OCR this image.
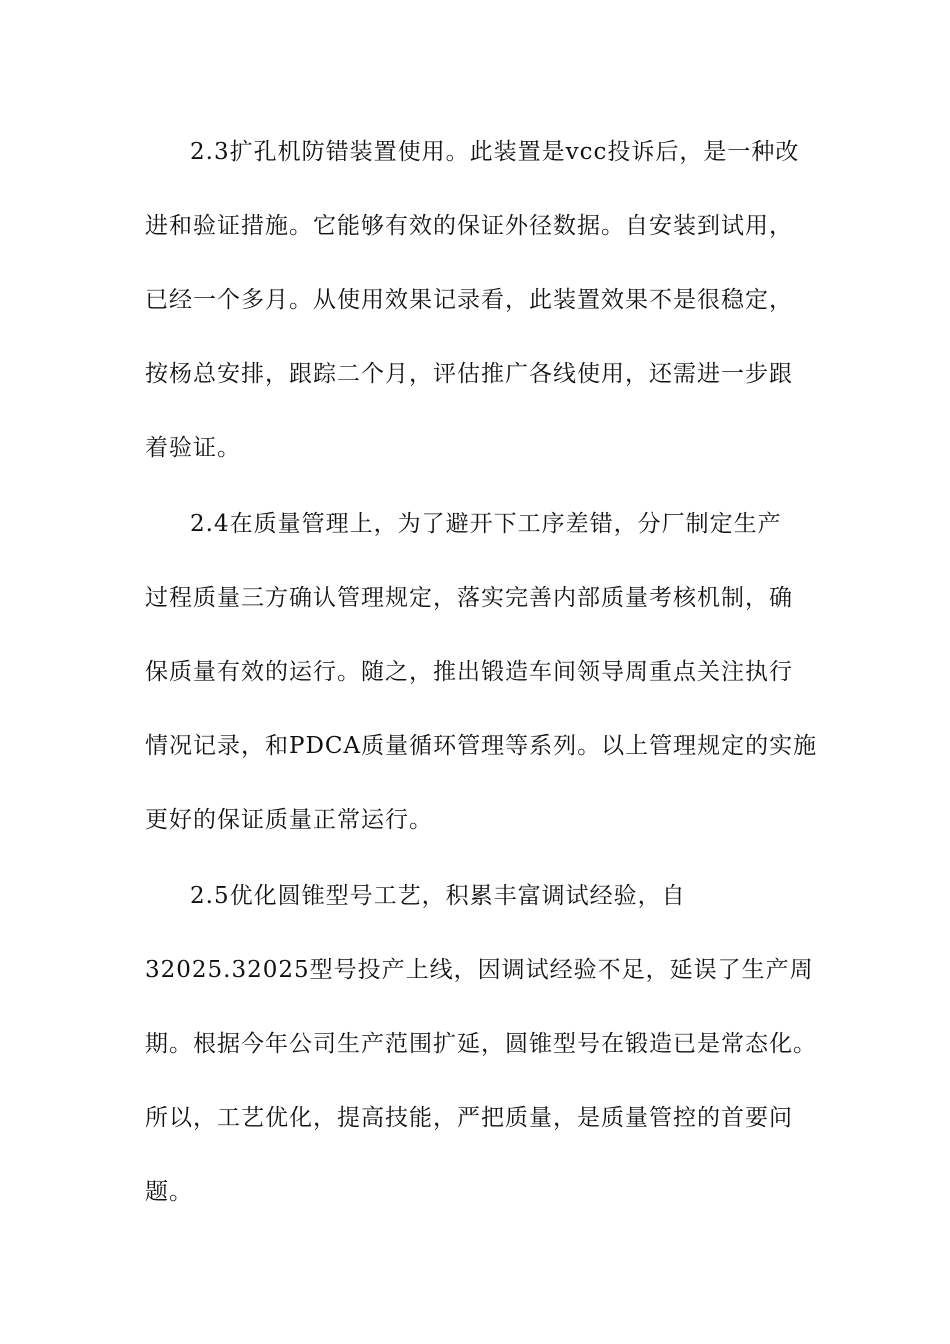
2.3扩孔机防错装置使用。此装置是vcc投诉后，是一种改
进和验证措施。它能够有效的保证外径数据。自安装到试用，
已经一个多月。从使用效果记录看，此装置效果不是很稳定，
按杨总安排，跟踪二个月，评估推广各线使用，还需进一步跟
着验证。
2.4在质量管理上，为了避开下工序差错，分厂制定生产
过程质量三方确认管理规定，落实完善内部质量考核机制，确
保质量有效的运行。随之，推出锻造车间领导周重点关注执行
情况记录，和PDCA质量循环管理等系列。以上管理规定的实施
更好的保证质量正常运行。
2.5优化圆锥型号工艺，积累丰富调试经验，自
32025.32025型号投产上线，因调试经验不足，延误了生产周
期。根据今年公司生产范围扩延，圆锥型号在锻造已是常态化。
所以，工艺优化，提高技能，严把质量，是质量管控的首要问
题。
